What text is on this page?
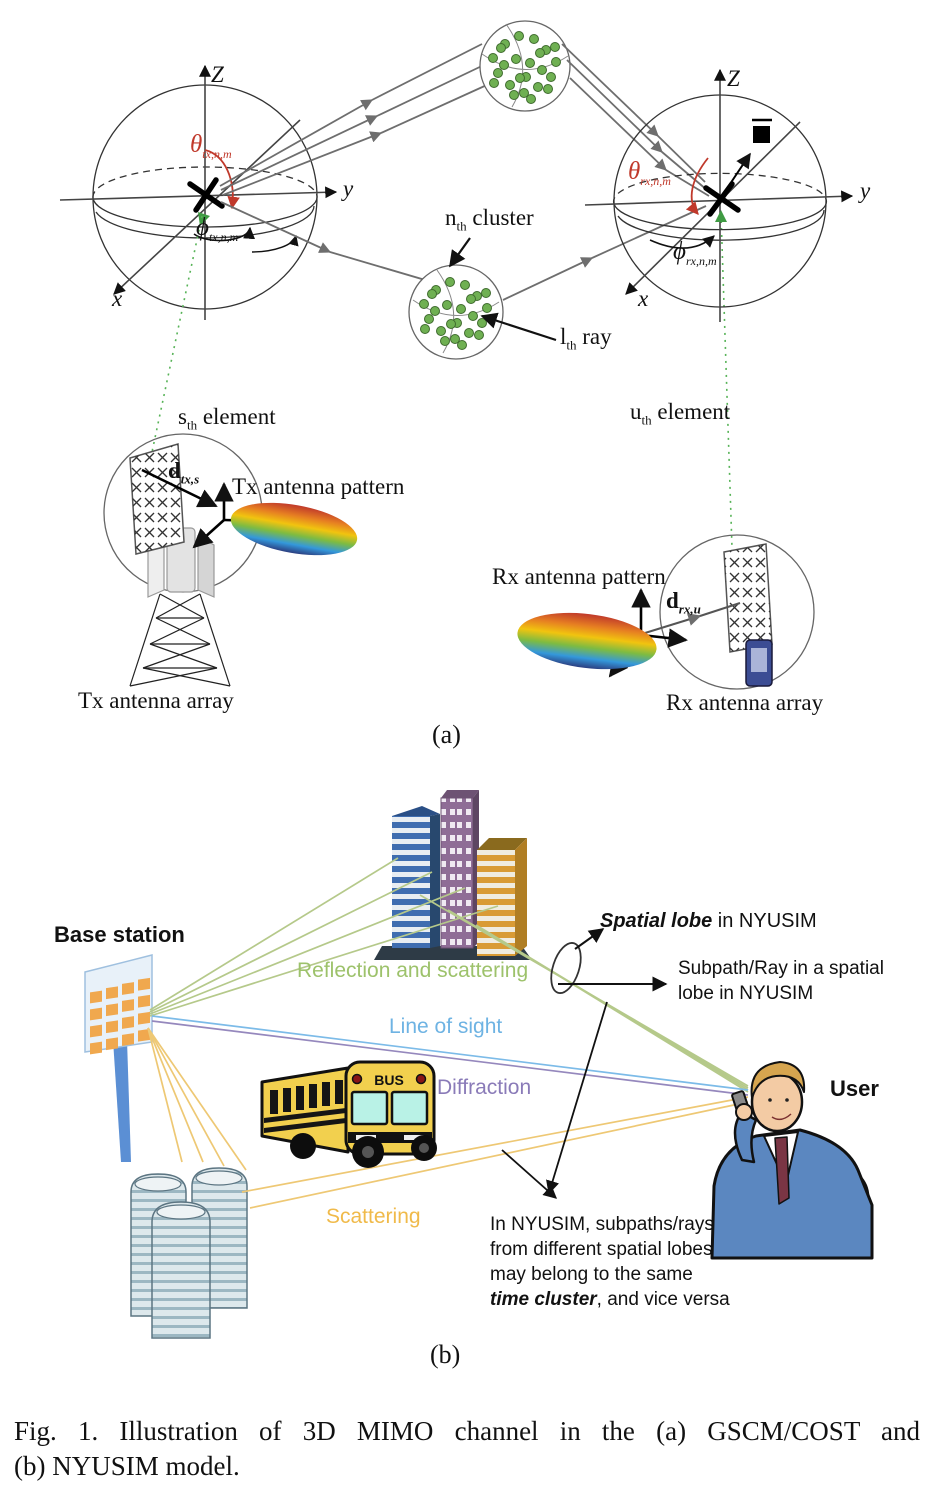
BUS
Z
y
x
Z
y
x
$\theta_{tx,n,m}$
$\phi_{tx,n,m}$
$\theta_{rx,n,m}$
$\phi_{rx,n,m}$
$n_{th}$ cluster
$l_{th}$ ray
$s_{th}$ element	$u_{th}$ element
$d_{tx,s}$
$d_{rx,u}$
Tx antenna pattern
Rx antenna pattern
Tx antenna array	Rx antenna array
(a)
Base station
Reflection and scattering
Line of sight
Diffraction
Scattering
Spatial lobe in NYUSIM
Subpath/Ray in a spatial lobe in NYUSIM
In NYUSIM, subpaths/rays from different spatial lobes may belong to the same time cluster, and vice versa
User
(b)
Fig. 1. Illustration of 3D MIMO channel in the (a) GSCM/COST and
(b) NYUSIM model.
